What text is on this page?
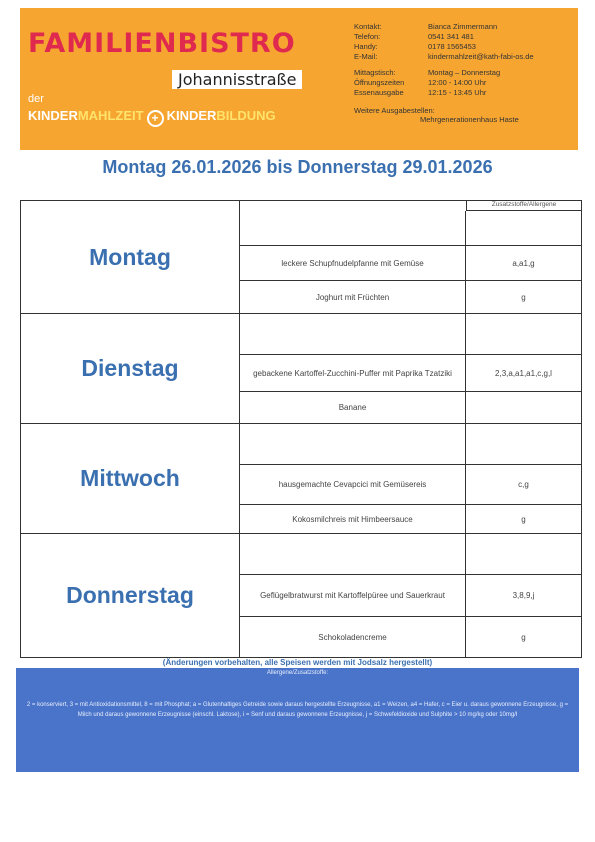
FAMILIENBISTRO
Johannisstraße
der
KINDERMAHLZEIT + KINDERBILDUNG
Kontakt:	Bianca Zimmermann
Telefon:	0541 341 481
Handy:	0178 1565453
E-Mail:	kindermahlzeit@kath-fabi-os.de
Mittagstisch:	Montag – Donnerstag
Öffnungszeiten	12:00 - 14:00 Uhr
Essenausgabe	12:15 - 13:45 Uhr
Weitere Ausgabestellen:
Mehrgenerationenhaus Haste
Montag 26.01.2026 bis Donnerstag 29.01.2026
Zusatzstoffe/Allergene
Montag	leckere Schupfnudelpfanne mit Gemüse	a,a1,g
Joghurt mit Früchten	g
Dienstag	gebackene Kartoffel-Zucchini-Puffer mit Paprika Tzatziki	2,3,a,a1,a1,c,g,l
Banane
Mittwoch	hausgemachte Cevapcici mit Gemüsereis	c,g
Kokosmilchreis mit Himbeersauce	g
Donnerstag	Geflügelbratwurst mit Kartoffelpüree und Sauerkraut	3,8,9,j
Schokoladencreme	g
(Änderungen vorbehalten, alle Speisen werden mit Jodsalz hergestellt)
Allergene/Zusatzstoffe:
2 = konserviert, 3 = mit Antioxidationsmittel, 8 = mit Phosphat; a = Glutenhaltiges Getreide sowie daraus hergestellte Erzeugnisse, a1 = Weizen, a4 = Hafer, c = Eier u. daraus gewonnene Erzeugnisse, g = Milch und daraus gewonnene Erzeugnisse (einschl. Laktose), i = Senf und daraus gewonnene Erzeugnisse, j = Schwefeldioxide und Sulphite > 10 mg/kg oder 10mg/l
